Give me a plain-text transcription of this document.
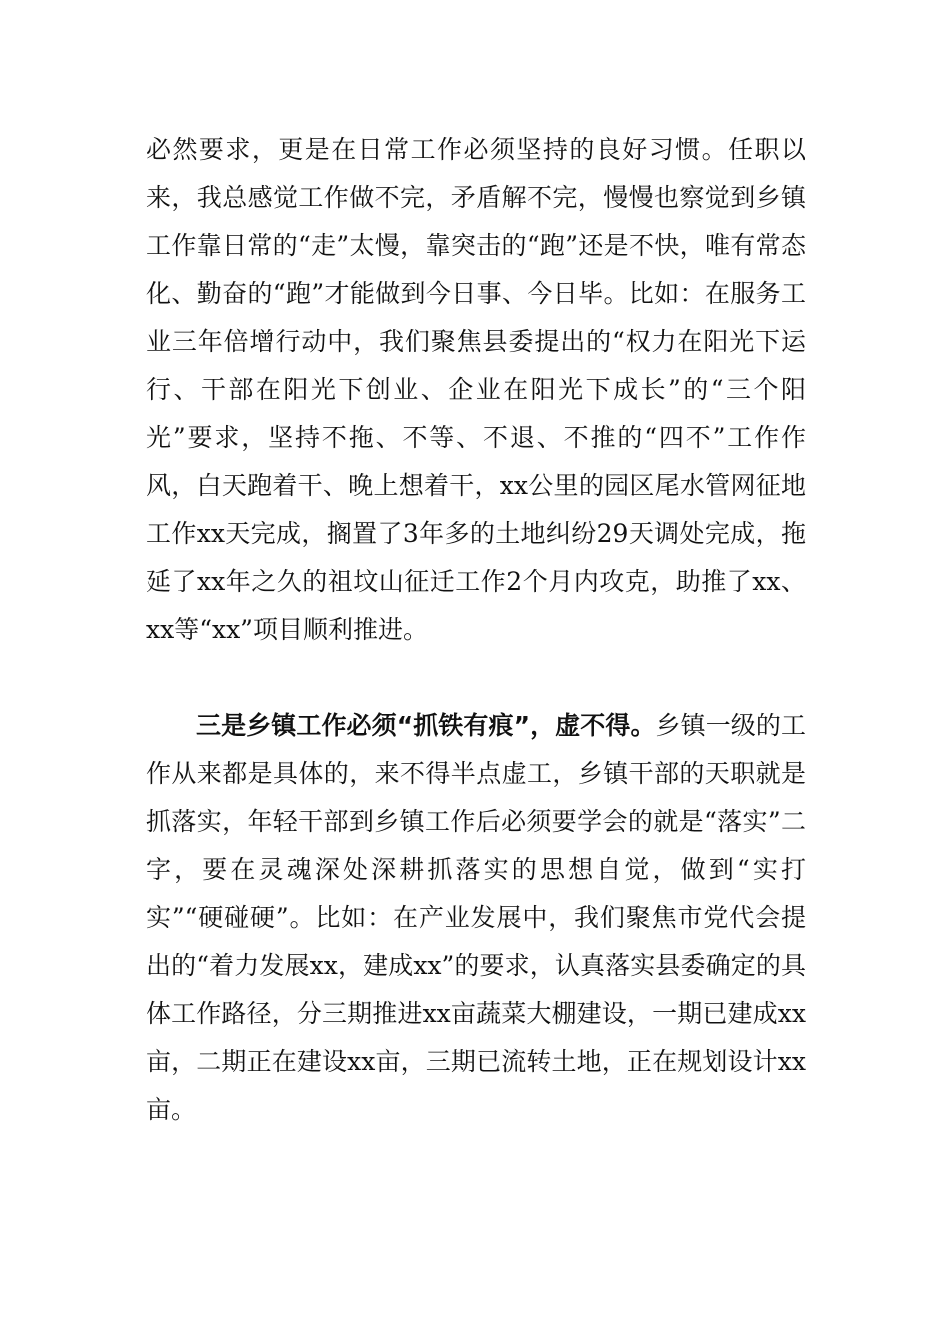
必然要求，更是在日常工作必须坚持的良好习惯。任职以来，我总感觉工作做不完，矛盾解不完，慢慢也察觉到乡镇工作靠日常的“走”太慢，靠突击的“跑”还是不快，唯有常态化、勤奋的“跑”才能做到今日事、今日毕。比如：在服务工业三年倍增行动中，我们聚焦县委提出的“权力在阳光下运行、干部在阳光下创业、企业在阳光下成长”的“三个阳光”要求，坚持不拖、不等、不退、不推的“四不”工作作风，白天跑着干、晚上想着干，xx公里的园区尾水管网征地工作xx天完成，搁置了3年多的土地纠纷29天调处完成，拖延了xx年之久的祖坟山征迁工作2个月内攻克，助推了xx、xx等“xx”项目顺利推进。

三是乡镇工作必须“抓铁有痕”，虚不得。乡镇一级的工作从来都是具体的，来不得半点虚工，乡镇干部的天职就是抓落实，年轻干部到乡镇工作后必须要学会的就是“落实”二字，要在灵魂深处深耕抓落实的思想自觉，做到“实打实”“硬碰硬”。比如：在产业发展中，我们聚焦市党代会提出的“着力发展xx，建成xx”的要求，认真落实县委确定的具体工作路径，分三期推进xx亩蔬菜大棚建设，一期已建成xx亩，二期正在建设xx亩，三期已流转土地，正在规划设计xx亩。
